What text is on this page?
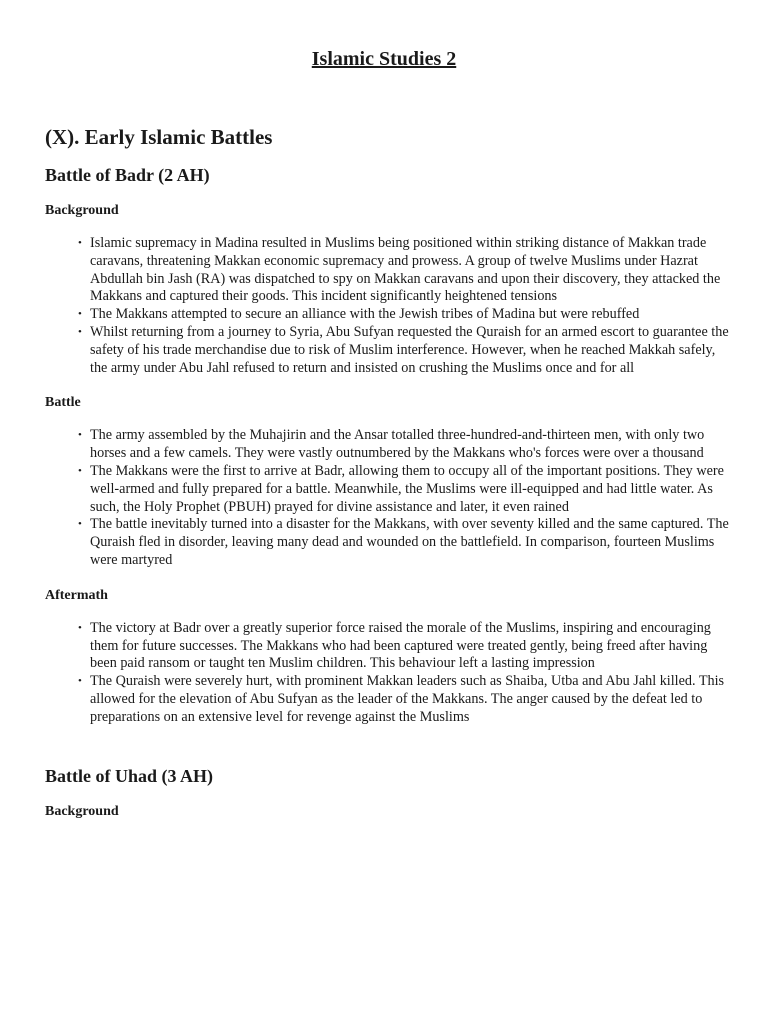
Islamic Studies 2
(X). Early Islamic Battles
Battle of Badr (2 AH)
Background
• Islamic supremacy in Madina resulted in Muslims being positioned within striking distance of Makkan trade caravans, threatening Makkan economic supremacy and prowess. A group of twelve Muslims under Hazrat Abdullah bin Jash (RA) was dispatched to spy on Makkan caravans and upon their discovery, they attacked the Makkans and captured their goods. This incident significantly heightened tensions
• The Makkans attempted to secure an alliance with the Jewish tribes of Madina but were rebuffed
• Whilst returning from a journey to Syria, Abu Sufyan requested the Quraish for an armed escort to guarantee the safety of his trade merchandise due to risk of Muslim interference. However, when he reached Makkah safely, the army under Abu Jahl refused to return and insisted on crushing the Muslims once and for all
Battle
• The army assembled by the Muhajirin and the Ansar totalled three-hundred-and-thirteen men, with only two horses and a few camels. They were vastly outnumbered by the Makkans who's forces were over a thousand
• The Makkans were the first to arrive at Badr, allowing them to occupy all of the important positions. They were well-armed and fully prepared for a battle. Meanwhile, the Muslims were ill-equipped and had little water. As such, the Holy Prophet (PBUH) prayed for divine assistance and later, it even rained
• The battle inevitably turned into a disaster for the Makkans, with over seventy killed and the same captured. The Quraish fled in disorder, leaving many dead and wounded on the battlefield. In comparison, fourteen Muslims were martyred
Aftermath
• The victory at Badr over a greatly superior force raised the morale of the Muslims, inspiring and encouraging them for future successes. The Makkans who had been captured were treated gently, being freed after having been paid ransom or taught ten Muslim children. This behaviour left a lasting impression
• The Quraish were severely hurt, with prominent Makkan leaders such as Shaiba, Utba and Abu Jahl killed. This allowed for the elevation of Abu Sufyan as the leader of the Makkans. The anger caused by the defeat led to preparations on an extensive level for revenge against the Muslims
Battle of Uhad (3 AH)
Background
